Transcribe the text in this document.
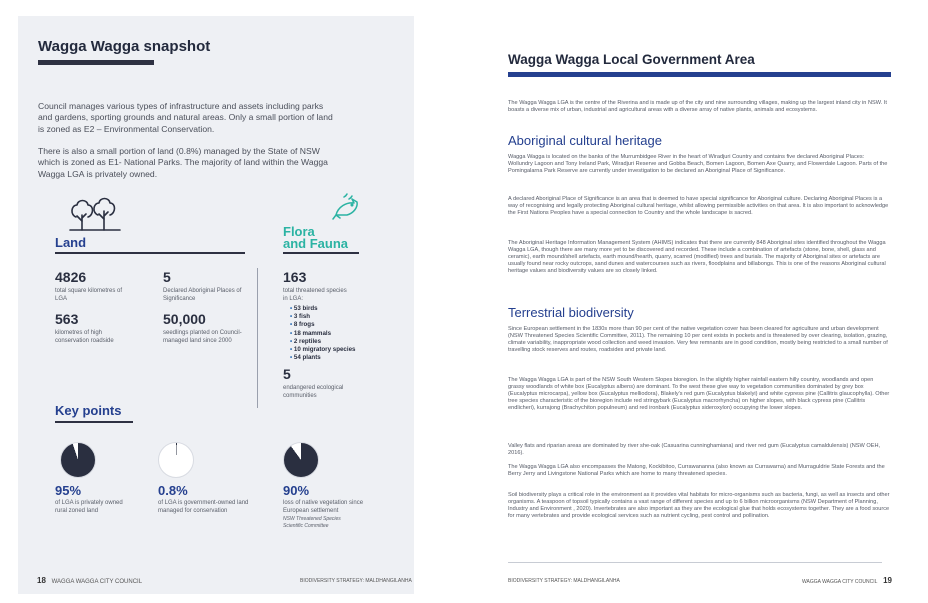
Wagga Wagga snapshot

Council manages various types of infrastructure and assets including parks and gardens, sporting grounds and natural areas. Only a small portion of land is zoned as E2 – Environmental Conservation.

There is also a small portion of land (0.8%) managed by the State of NSW which is zoned as E1- National Parks. The majority of land within the Wagga Wagga LGA is privately owned.

Land
4826
total square kilometres of LGA
5
Declared Aboriginal Places of Significance
563
kilometres of high conservation roadside
50,000
seedlings planted on Council-managed land since 2000
Flora
and Fauna
163
total threatened species in LGA:
• 53 birds
• 3 fish
• 8 frogs
• 18 mammals
• 2 reptiles
• 10 migratory species
• 54 plants
5
endangered ecological communities
Key points
95%
of LGA is privately owned rural zoned land
0.8%
of LGA is government-owned land managed for conservation
90%
loss of native vegetation since European settlement
NSW Threatened Species Scientific Committee
18 WAGGA WAGGA CITY COUNCIL	BIODIVERSITY STRATEGY: MALDHANGILANHA
Wagga Wagga Local Government Area

The Wagga Wagga LGA is the centre of the Riverina and is made up of the city and nine surrounding villages, making up the largest inland city in NSW. It boasts a diverse mix of urban, industrial and agricultural areas with a diverse array of native plants, animals and ecosystems.

Aboriginal cultural heritage

Wagga Wagga is located on the banks of the Murrumbidgee River in the heart of Wiradjuri Country and contains five declared Aboriginal Places: Wollundry Lagoon and Tony Ireland Park, Wiradjuri Reserve and Gobba Beach, Bomen Lagoon, Bomen Axe Quarry, and Flowerdale Lagoon. Parts of the Pomingalarna Park Reserve are currently under investigation to be declared an Aboriginal Place of Significance.

A declared Aboriginal Place of Significance is an area that is deemed to have special significance for Aboriginal culture. Declaring Aboriginal Places is a way of recognising and legally protecting Aboriginal cultural heritage, whilst allowing permissible activities on that area. It is also important to acknowledge the First Nations Peoples have a special connection to Country and the whole landscape is sacred.

The Aboriginal Heritage Information Management System (AHIMS) indicates that there are currently 848 Aboriginal sites identified throughout the Wagga Wagga LGA, though there are many more yet to be discovered and recorded. These include a combination of artefacts (stone, bone, shell, glass and ceramic), earth mound/shell artefacts, earth mound/hearth, quarry, scarred (modified) trees and burials. The majority of Aboriginal sites or artefacts are usually found near rocky outcrops, sand dunes and watercourses such as rivers, floodplains and billabongs. This is one of the reasons Aboriginal cultural heritage values and biodiversity values are so closely linked.

Terrestrial biodiversity

Since European settlement in the 1830s more than 90 per cent of the native vegetation cover has been cleared for agriculture and urban development (NSW Threatened Species Scientific Committee, 2011). The remaining 10 per cent exists in pockets and is threatened by over clearing, isolation, grazing, climate variability, inappropriate wood collection and weed invasion. Very few remnants are in good condition, mostly being restricted to a small number of travelling stock reserves and routes, roadsides and private land.

The Wagga Wagga LGA is part of the NSW South Western Slopes bioregion. In the slightly higher rainfall eastern hilly country, woodlands and open grassy woodlands of white box (Eucalyptus albens) are dominant. To the west these give way to vegetation communities dominated by grey box (Eucalyptus microcarpa), yellow box (Eucalyptus melliodora), Blakely's red gum (Eucalyptus blakelyi) and white cypress pine (Callitris glaucophylla). Other tree species characteristic of the bioregion include red stringybark (Eucalyptus macrorhyncha) on higher slopes, with black cypress pine (Callitris endlicheri), kurrajong (Brachychiton populneum) and red ironbark (Eucalyptus sideroxylon) occupying the lower slopes.

Valley flats and riparian areas are dominated by river she-oak (Casuarina cunninghamiana) and river red gum (Eucalyptus camaldulensis) (NSW OEH, 2016).

The Wagga Wagga LGA also encompasses the Matong, Kockibitoo, Currawananna (also known as Currawarna) and Murraguldrie State Forests and the Berry Jerry and Livingstone National Parks which are home to many threatened species.

Soil biodiversity plays a critical role in the environment as it provides vital habitats for micro-organisms such as bacteria, fungi, as well as insects and other organisms. A teaspoon of topsoil typically contains a vast range of different species and up to 6 billion microorganisms (NSW Department of Planning, Industry and Environment , 2020). Invertebrates are also important as they are the ecological glue that holds ecosystems together. They are a food source for many vertebrates and provide ecological services such as nutrient cycling, pest control and pollination.

BIODIVERSITY STRATEGY: MALDHANGILANHA	WAGGA WAGGA CITY COUNCIL 19
